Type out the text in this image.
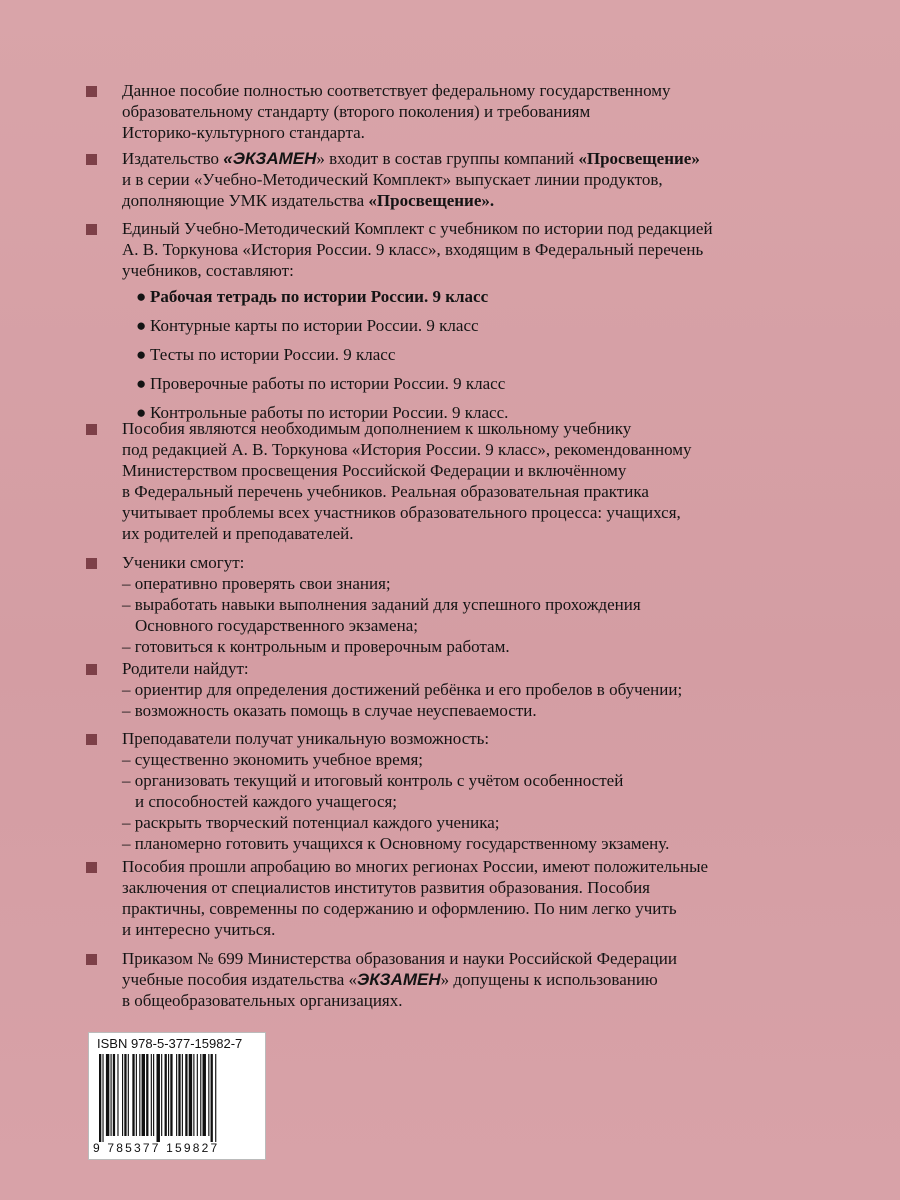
Данное пособие полностью соответствует федеральному государственному

образовательному стандарту (второго поколения) и требованиям

Историко-культурного стандарта.

Издательство «ЭКЗАМЕН» входит в состав группы компаний «Просвещение»

и в серии «Учебно-Методический Комплект» выпускает линии продуктов,

дополняющие УМК издательства «Просвещение».

Единый Учебно-Методический Комплект с учебником по истории под редакцией

А. В. Торкунова «История России. 9 класс», входящим в Федеральный перечень

учебников, составляют:

● Рабочая тетрадь по истории России. 9 класс

● Контурные карты по истории России. 9 класс

● Тесты по истории России. 9 класс

● Проверочные работы по истории России. 9 класс

● Контрольные работы по истории России. 9 класс.

Пособия являются необходимым дополнением к школьному учебнику

под редакцией А. В. Торкунова «История России. 9 класс», рекомендованному

Министерством просвещения Российской Федерации и включённому

в Федеральный перечень учебников. Реальная образовательная практика

учитывает проблемы всех участников образовательного процесса: учащихся,

их родителей и преподавателей.

Ученики смогут:

– оперативно проверять свои знания;

– выработать навыки выполнения заданий для успешного прохождения

Основного государственного экзамена;

– готовиться к контрольным и проверочным работам.

Родители найдут:

– ориентир для определения достижений ребёнка и его пробелов в обучении;

– возможность оказать помощь в случае неуспеваемости.

Преподаватели получат уникальную возможность:

– существенно экономить учебное время;

– организовать текущий и итоговый контроль с учётом особенностей

и способностей каждого учащегося;

– раскрыть творческий потенциал каждого ученика;

– планомерно готовить учащихся к Основному государственному экзамену.

Пособия прошли апробацию во многих регионах России, имеют положительные

заключения от специалистов институтов развития образования. Пособия

практичны, современны по содержанию и оформлению. По ним легко учить

и интересно учиться.

Приказом № 699 Министерства образования и науки Российской Федерации

учебные пособия издательства «ЭКЗАМЕН» допущены к использованию

в общеобразовательных организациях.

ISBN 978-5-377-15982-7
9 785377 159827
